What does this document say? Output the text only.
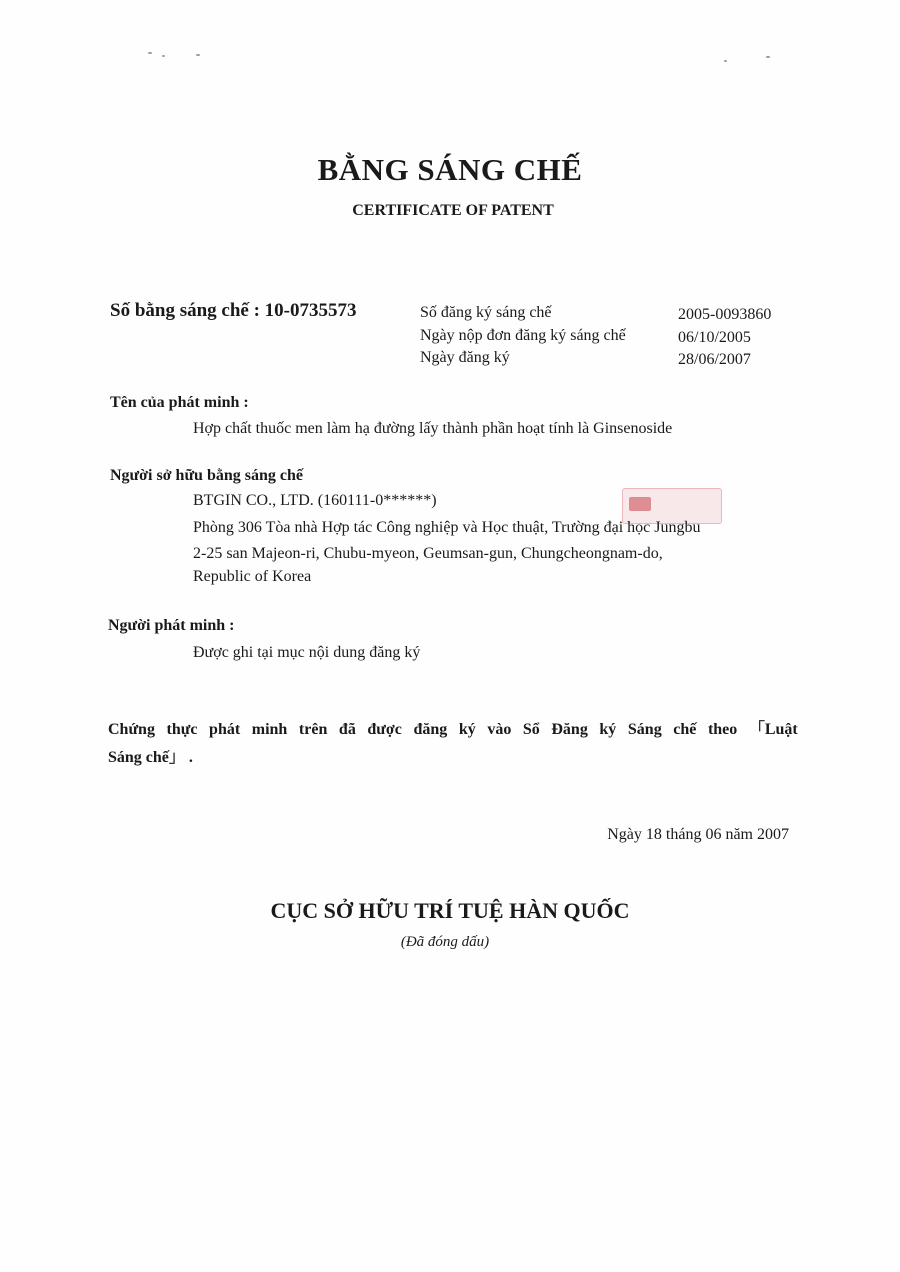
BẰNG SÁNG CHẾ
CERTIFICATE OF PATENT
Số bằng sáng chế : 10-0735573	Số đăng ký sáng chế	2005-0093860
Ngày nộp đơn đăng ký sáng chế	06/10/2005
Ngày đăng ký	28/06/2007
Tên của phát minh :
Hợp chất thuốc men làm hạ đường lấy thành phần hoạt tính là Ginsenoside
Người sở hữu bằng sáng chế
BTGIN CO., LTD. (160111-0******)
Phòng 306 Tòa nhà Hợp tác Công nghiệp và Học thuật, Trường đại học Jungbu
2-25 san Majeon-ri, Chubu-myeon, Geumsan-gun, Chungcheongnam-do,
Republic of Korea
Người phát minh :
Được ghi tại mục nội dung đăng ký
Chứng thực phát minh trên đã được đăng ký vào Sổ Đăng ký Sáng chế theo 「Luật
Sáng chế」 .
Ngày 18 tháng 06 năm 2007
CỤC SỞ HỮU TRÍ TUỆ HÀN QUỐC
(Đã đóng dấu)
